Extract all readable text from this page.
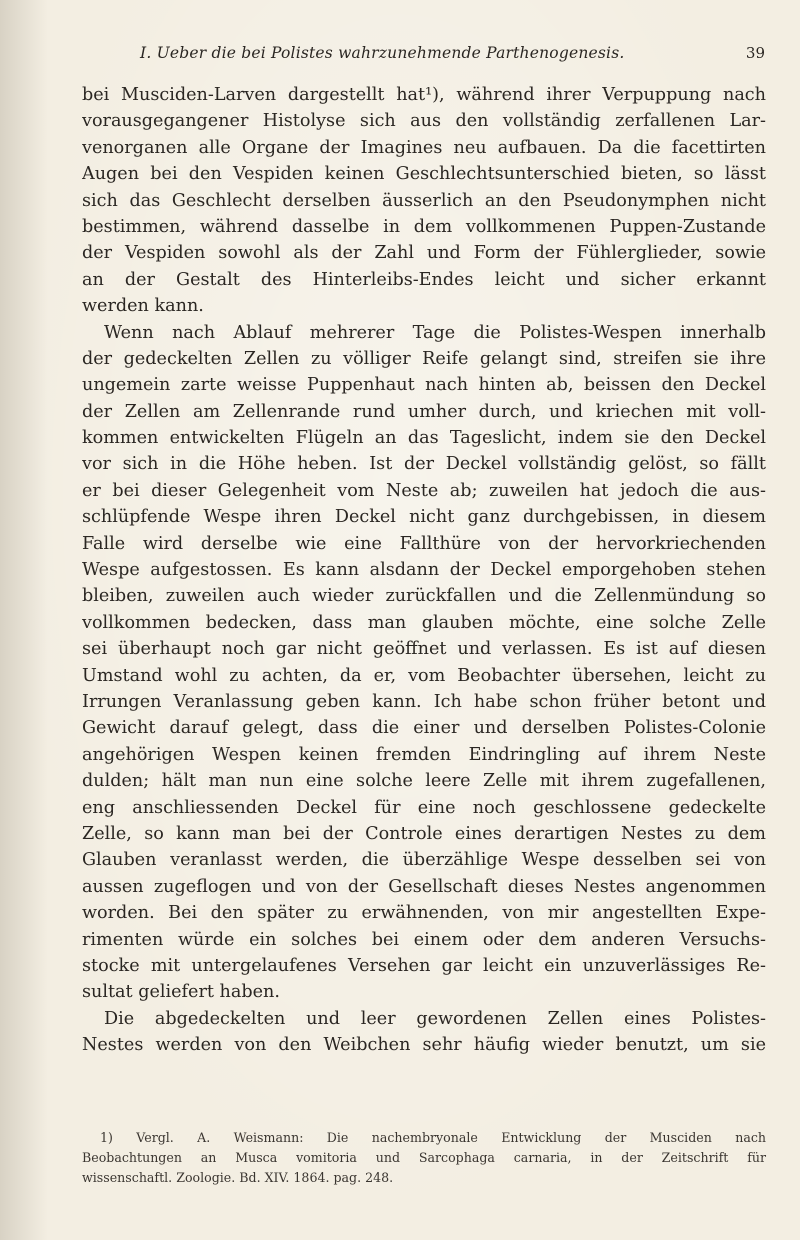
I. Ueber die bei Polistes wahrzunehmende Parthenogenesis.	39
bei Musciden-Larven dargestellt hat¹), während ihrer Verpuppung nach
vorausgegangener Histolyse sich aus den vollständig zerfallenen Lar-
venorganen alle Organe der Imagines neu aufbauen. Da die facettirten
Augen bei den Vespiden keinen Geschlechtsunterschied bieten, so lässt
sich das Geschlecht derselben äusserlich an den Pseudonymphen nicht
bestimmen, während dasselbe in dem vollkommenen Puppen-Zustande
der Vespiden sowohl als der Zahl und Form der Fühlerglieder, sowie
an der Gestalt des Hinterleibs-Endes leicht und sicher erkannt
werden kann.
Wenn nach Ablauf mehrerer Tage die Polistes-Wespen innerhalb
der gedeckelten Zellen zu völliger Reife gelangt sind, streifen sie ihre
ungemein zarte weisse Puppenhaut nach hinten ab, beissen den Deckel
der Zellen am Zellenrande rund umher durch, und kriechen mit voll-
kommen entwickelten Flügeln an das Tageslicht, indem sie den Deckel
vor sich in die Höhe heben. Ist der Deckel vollständig gelöst, so fällt
er bei dieser Gelegenheit vom Neste ab; zuweilen hat jedoch die aus-
schlüpfende Wespe ihren Deckel nicht ganz durchgebissen, in diesem
Falle wird derselbe wie eine Fallthüre von der hervorkriechenden
Wespe aufgestossen. Es kann alsdann der Deckel emporgehoben stehen
bleiben, zuweilen auch wieder zurückfallen und die Zellenmündung so
vollkommen bedecken, dass man glauben möchte, eine solche Zelle
sei überhaupt noch gar nicht geöffnet und verlassen. Es ist auf diesen
Umstand wohl zu achten, da er, vom Beobachter übersehen, leicht zu
Irrungen Veranlassung geben kann. Ich habe schon früher betont und
Gewicht darauf gelegt, dass die einer und derselben Polistes-Colonie
angehörigen Wespen keinen fremden Eindringling auf ihrem Neste
dulden; hält man nun eine solche leere Zelle mit ihrem zugefallenen,
eng anschliessenden Deckel für eine noch geschlossene gedeckelte
Zelle, so kann man bei der Controle eines derartigen Nestes zu dem
Glauben veranlasst werden, die überzählige Wespe desselben sei von
aussen zugeflogen und von der Gesellschaft dieses Nestes angenommen
worden. Bei den später zu erwähnenden, von mir angestellten Expe-
rimenten würde ein solches bei einem oder dem anderen Versuchs-
stocke mit untergelaufenes Versehen gar leicht ein unzuverlässiges Re-
sultat geliefert haben.
Die abgedeckelten und leer gewordenen Zellen eines Polistes-
Nestes werden von den Weibchen sehr häufig wieder benutzt, um sie
1) Vergl. A. Weismann: Die nachembryonale Entwicklung der Musciden nach
Beobachtungen an Musca vomitoria und Sarcophaga carnaria, in der Zeitschrift für
wissenschaftl. Zoologie. Bd. XIV. 1864. pag. 248.
